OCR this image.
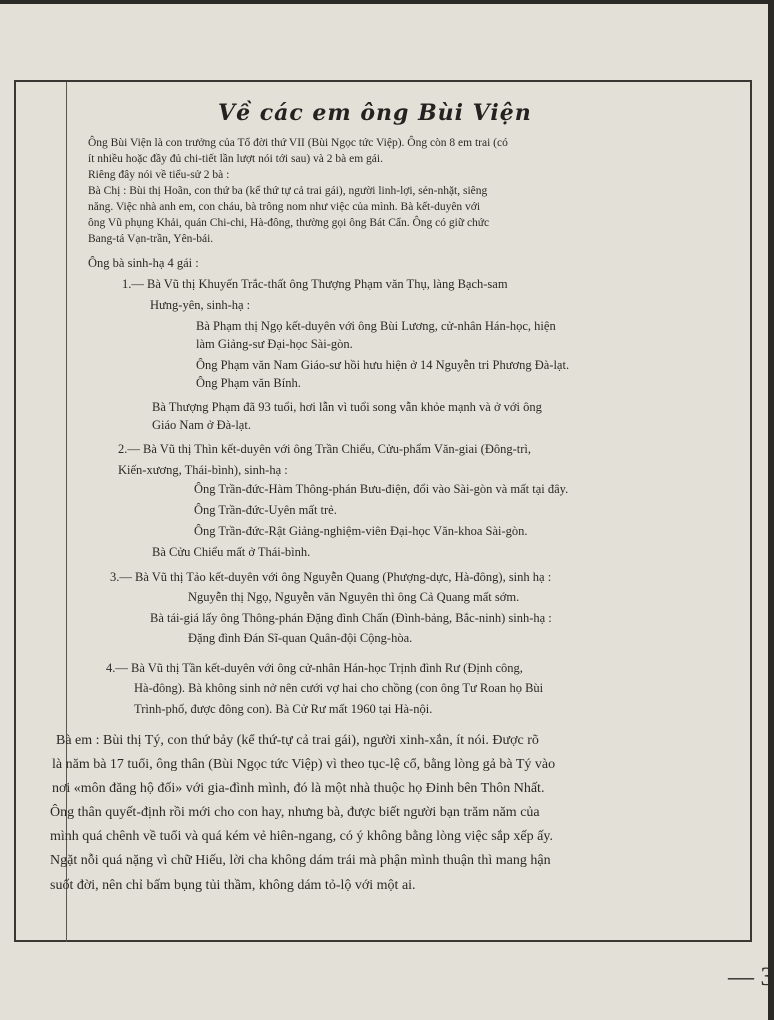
Về các em ông Bùi Viện
Ông Bùi Viện là con trưởng của Tổ đời thứ VII (Bùi Ngọc tức Việp). Ông còn 8 em trai (có
ít nhiều hoặc đầy đủ chi-tiết lần lượt nói tới sau) và 2 bà em gái.
Riêng đây nói về tiểu-sử 2 bà :
Bà Chị : Bùi thị Hoãn, con thứ ba (kể thứ tự cả trai gái), người linh-lợi, sẻn-nhặt, siêng
năng. Việc nhà anh em, con cháu, bà trông nom như việc của mình. Bà kết-duyên với
ông Vũ phụng Khải, quán Chi-chi, Hà-đông, thường gọi ông Bát Cẩn. Ông có giữ chức
Bang-tá Vạn-trần, Yên-bái.
Ông bà sinh-hạ 4 gái :
1.— Bà Vũ thị Khuyến Trắc-thất ông Thượng Phạm văn Thụ, làng Bạch-sam
Hưng-yên, sinh-hạ :
Bà Phạm thị Ngọ kết-duyên với ông Bùi Lương, cử-nhân Hán-học, hiện
làm Giảng-sư Đại-học Sài-gòn.
Ông Phạm văn Nam Giáo-sư hồi hưu hiện ở 14 Nguyễn tri Phương Đà-lạt.
Ông Phạm văn Bính.
Bà Thượng Phạm đã 93 tuổi, hơi lẫn vì tuổi song vẫn khỏe mạnh và ở với ông
Giáo Nam ở Đà-lạt.
2.— Bà Vũ thị Thìn kết-duyên với ông Trần Chiểu, Cửu-phẩm Văn-giai (Đông-trì,
Kiến-xương, Thái-bình), sinh-hạ :
Ông Trần-đức-Hàm Thông-phán Bưu-điện, đổi vào Sài-gòn và mất tại đây.
Ông Trần-đức-Uyên mất trẻ.
Ông Trần-đức-Rật Giảng-nghiệm-viên Đại-học Văn-khoa Sài-gòn.
Bà Cửu Chiểu mất ở Thái-bình.
3.— Bà Vũ thị Tảo kết-duyên với ông Nguyễn Quang (Phượng-dực, Hà-đông), sinh hạ :
Nguyễn thị Ngọ, Nguyễn văn Nguyên thì ông Cả Quang mất sớm.
Bà tái-giá lấy ông Thông-phán Đặng đình Chấn (Đình-bảng, Bắc-ninh) sinh-hạ :
Đặng đình Đán Sĩ-quan Quân-đội Cộng-hòa.
4.— Bà Vũ thị Tần kết-duyên với ông cử-nhân Hán-học Trịnh đình Rư (Định công,
Hà-đông). Bà không sinh nở nên cưới vợ hai cho chồng (con ông Tư Roan họ Bùi
Trình-phố, được đông con). Bà Cử Rư mất 1960 tại Hà-nội.
Bà em : Bùi thị Tý, con thứ bảy (kể thứ-tự cả trai gái), người xinh-xắn, ít nói. Được rõ
là năm bà 17 tuổi, ông thân (Bùi Ngọc tức Việp) vì theo tục-lệ cổ, bằng lòng gả bà Tý vào
nơi «môn đăng hộ đối» với gia-đình mình, đó là một nhà thuộc họ Đinh bên Thôn Nhất.
Ông thân quyết-định rồi mới cho con hay, nhưng bà, được biết người bạn trăm năm của
mình quá chênh về tuổi và quá kém vẻ hiên-ngang, có ý không bằng lòng việc sắp xếp ấy.
Ngặt nỗi quá nặng vì chữ Hiếu, lời cha không dám trái mà phận mình thuận thì mang hận
suốt đời, nên chỉ bấm bụng tủi thầm, không dám tỏ-lộ với một ai.
— 3
